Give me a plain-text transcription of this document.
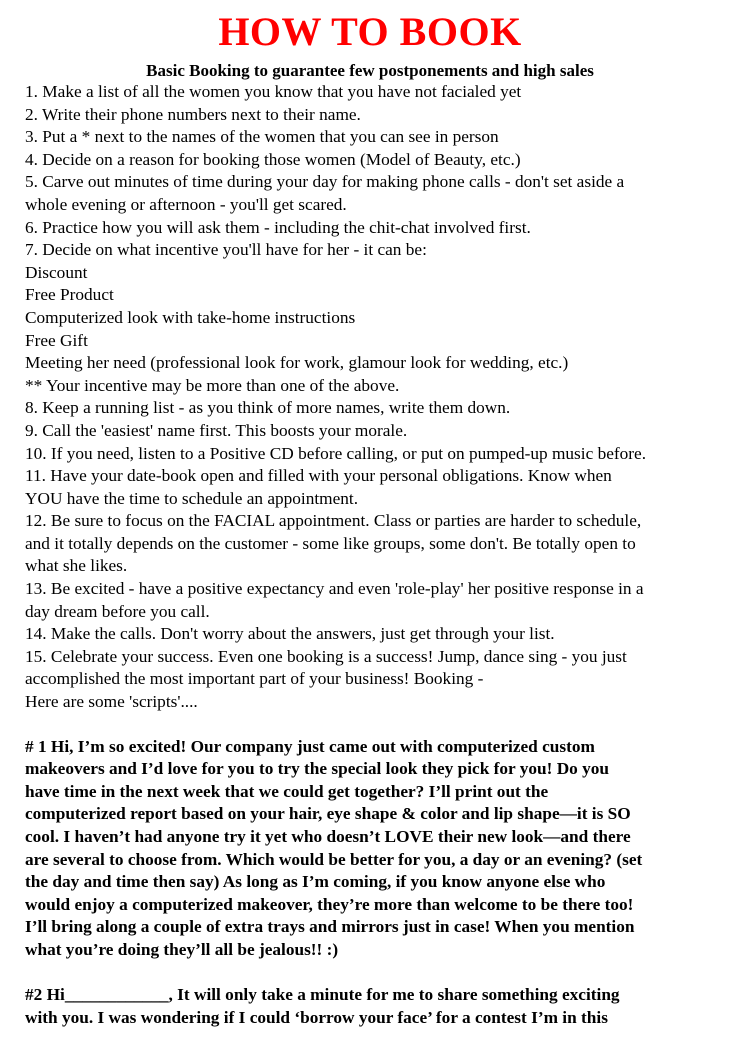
HOW TO BOOK
Basic Booking to guarantee few postponements and high sales
1. Make a list of all the women you know that you have not facialed yet
2. Write their phone numbers next to their name.
3. Put a * next to the names of the women that you can see in person
4. Decide on a reason for booking those women (Model of Beauty, etc.)
5. Carve out minutes of time during your day for making phone calls - don't set aside a
whole evening or afternoon - you'll get scared.
6. Practice how you will ask them - including the chit-chat involved first.
7. Decide on what incentive you'll have for her - it can be:
Discount
Free Product
Computerized look with take-home instructions
Free Gift
Meeting her need (professional look for work, glamour look for wedding, etc.)
** Your incentive may be more than one of the above.
8. Keep a running list - as you think of more names, write them down.
9. Call the 'easiest' name first. This boosts your morale.
10. If you need, listen to a Positive CD before calling, or put on pumped-up music before.
11. Have your date-book open and filled with your personal obligations. Know when
YOU have the time to schedule an appointment.
12. Be sure to focus on the FACIAL appointment. Class or parties are harder to schedule,
and it totally depends on the customer - some like groups, some don't. Be totally open to
what she likes.
13. Be excited - have a positive expectancy and even 'role-play' her positive response in a
day dream before you call.
14. Make the calls. Don't worry about the answers, just get through your list.
15. Celebrate your success. Even one booking is a success! Jump, dance sing - you just
accomplished the most important part of your business! Booking -
Here are some 'scripts'....
# 1 Hi, I’m so excited! Our company just came out with computerized custom
makeovers and I’d love for you to try the special look they pick for you! Do you
have time in the next week that we could get together? I’ll print out the
computerized report based on your hair, eye shape & color and lip shape—it is SO
cool. I haven’t had anyone try it yet who doesn’t LOVE their new look—and there
are several to choose from. Which would be better for you, a day or an evening? (set
the day and time then say) As long as I’m coming, if you know anyone else who
would enjoy a computerized makeover, they’re more than welcome to be there too!
I’ll bring along a couple of extra trays and mirrors just in case! When you mention
what you’re doing they’ll all be jealous!! :)
#2 Hi____________, It will only take a minute for me to share something exciting
with you. I was wondering if I could ‘borrow your face’ for a contest I’m in this
